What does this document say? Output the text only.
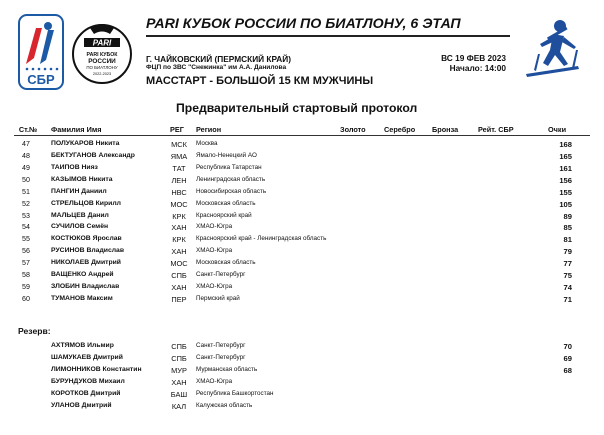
СБР
PARI
PARI КУБОК
РОССИИ
ПО БИАТЛОНУ
2022-2023
PARI КУБОК РОССИИ ПО БИАТЛОНУ, 6 ЭТАП
Г. ЧАЙКОВСКИЙ (ПЕРМСКИЙ КРАЙ)
ФЦП по ЗВС "Снежинка" им А.А. Данилова
ВС 19 ФЕВ 2023
Начало: 14:00
МАССТАРТ - БОЛЬШОЙ 15 КМ МУЖЧИНЫ
Предварительный стартовый протокол
Ст.№	Фамилия Имя	РЕГ Регион	Золото	Серебро Бронза	Рейт. СБР	Очки
47	ПОЛУКАРОВ Никита	МСК	Москва	168
48	БЕКТУГАНОВ Александр	ЯМА	Ямало-Ненецкий АО	165
49	ТАИПОВ Нияз	ТАТ	Республика Татарстан	161
50	КАЗЫМОВ Никита	ЛЕН	Ленинградская область	156
51	ПАНГИН Даниил	НВС	Новосибирская область	155
52	СТРЕЛЬЦОВ Кирилл	МОС	Московская область	105
53	МАЛЬЦЕВ Данил	КРК	Красноярский край	89
54	СУЧИЛОВ Семён	ХАН	ХМАО-Югра	85
55	КОСТЮКОВ Ярослав	КРК	Красноярский край - Ленинградская область	81
56	РУСИНОВ Владислав	ХАН	ХМАО-Югра	79
57	НИКОЛАЕВ Дмитрий	МОС	Московская область	77
58	ВАЩЕНКО Андрей	СПБ	Санкт-Петербург	75
59	ЗЛОБИН Владислав	ХАН	ХМАО-Югра	74
60	ТУМАНОВ Максим	ПЕР	Пермский край	71
Резерв:
АХТЯМОВ Ильмир	СПБ	Санкт-Петербург	70
ШАМУКАЕВ Дмитрий	СПБ	Санкт-Петербург	69
ЛИМОННИКОВ Константин	МУР	Мурманская область	68
БУРУНДУКОВ Михаил	ХАН	ХМАО-Югра
КОРОТКОВ Дмитрий	БАШ	Республика Башкортостан
УЛАНОВ Дмитрий	КАЛ	Калужская область
